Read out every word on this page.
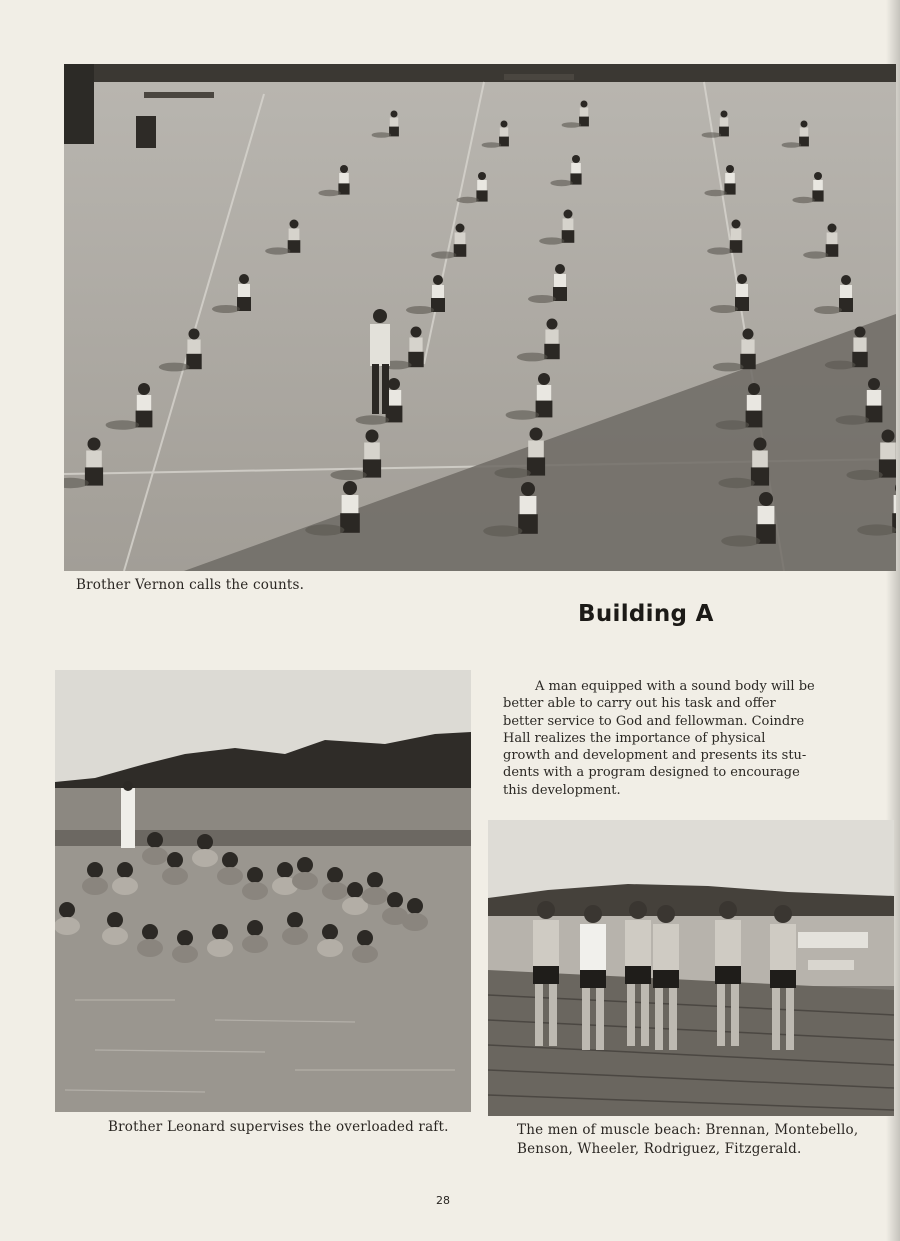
Brother Vernon calls the counts.

Building A

Brother Leonard supervises the overloaded raft.

A man equipped with a sound body will be
better able to carry out his task and offer
better service to God and fellowman. Coindre
Hall realizes the importance of physical
growth and development and presents its stu-
dents with a program designed to encourage
this development.

The men of muscle beach: Brennan, Montebello,
Benson, Wheeler, Rodriguez, Fitzgerald.

28
